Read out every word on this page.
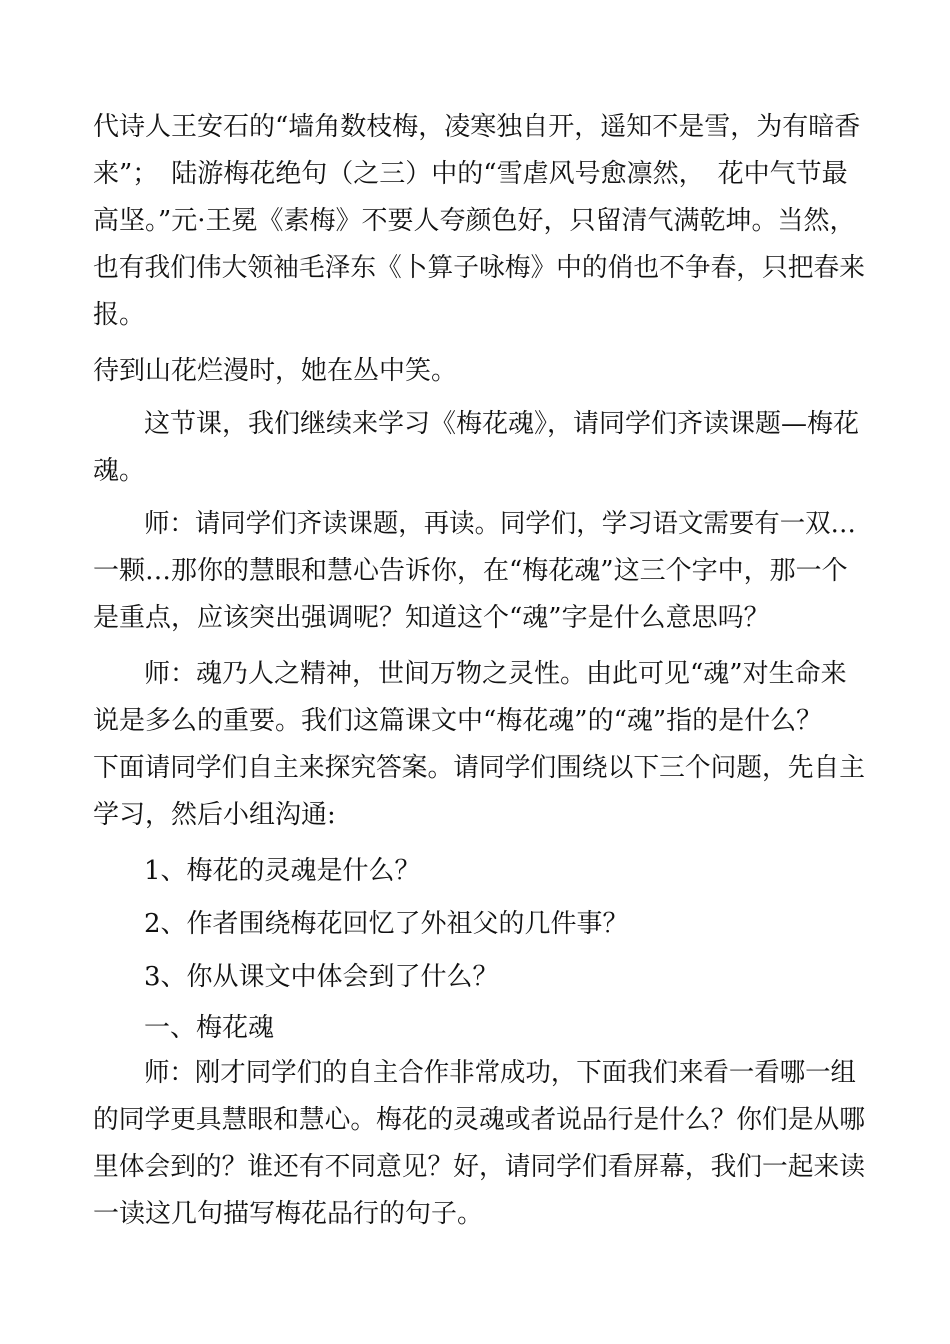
代诗人王安石的“墙角数枝梅，凌寒独自开，遥知不是雪，为有暗香
来”；　陆游梅花绝句（之三）中的“雪虐风号愈凛然，　花中气节最
高坚。”元·王冕《素梅》不要人夸颜色好，只留清气满乾坤。当然，
也有我们伟大领袖毛泽东《卜算子咏梅》中的俏也不争春，只把春来
报。
待到山花烂漫时，她在丛中笑。
这节课，我们继续来学习《梅花魂》，请同学们齐读课题—梅花
魂。
师：请同学们齐读课题，再读。同学们，学习语文需要有一双…
一颗…那你的慧眼和慧心告诉你，在“梅花魂”这三个字中，那一个
是重点，应该突出强调呢？知道这个“魂”字是什么意思吗？
师：魂乃人之精神，世间万物之灵性。由此可见“魂”对生命来
说是多么的重要。我们这篇课文中“梅花魂”的“魂”指的是什么？
下面请同学们自主来探究答案。请同学们围绕以下三个问题，先自主
学习，然后小组沟通:
1、梅花的灵魂是什么？
2、作者围绕梅花回忆了外祖父的几件事？
3、你从课文中体会到了什么？
一、梅花魂
师：刚才同学们的自主合作非常成功，下面我们来看一看哪一组
的同学更具慧眼和慧心。梅花的灵魂或者说品行是什么？你们是从哪
里体会到的？谁还有不同意见？好，请同学们看屏幕，我们一起来读
一读这几句描写梅花品行的句子。
